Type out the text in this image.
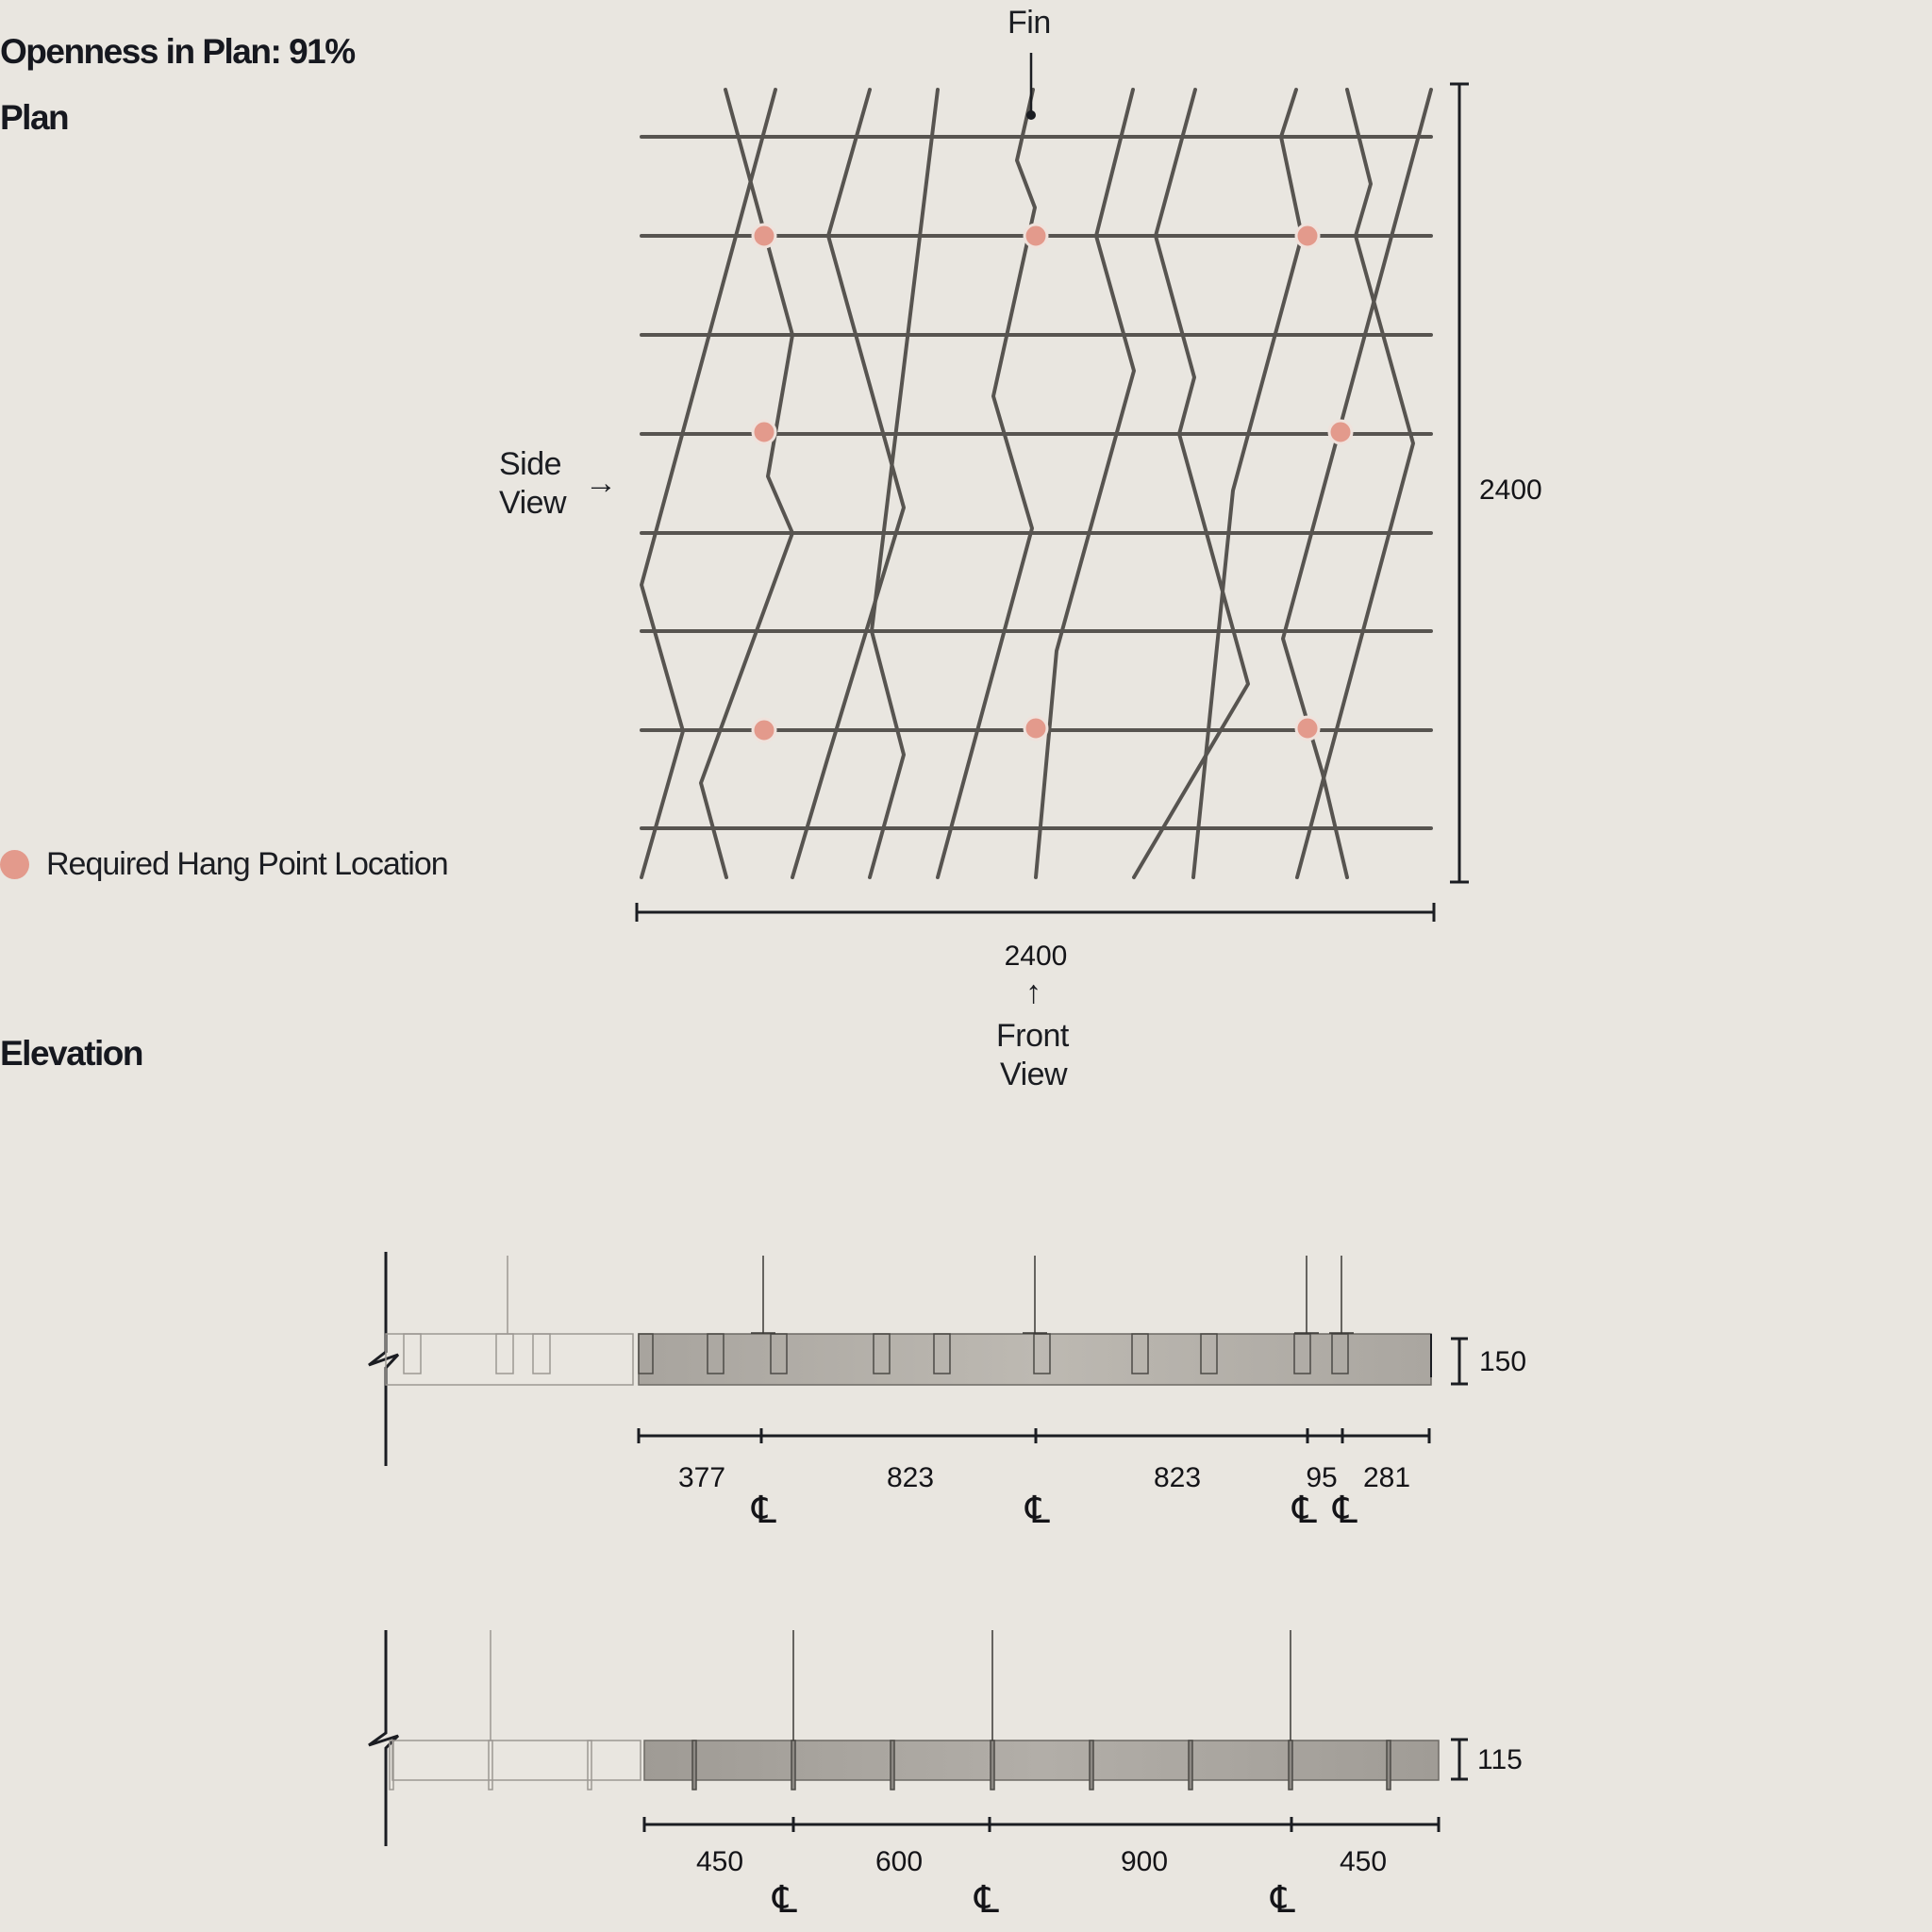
Openness in Plan: 91%
Plan
Elevation
Fin
Side
View
→
↑
Front
View
Required Hang Point Location
2400
2400
150
377	823	823	95 281
℄	℄	℄ ℄
115
450	600	900	450
℄	℄	℄
